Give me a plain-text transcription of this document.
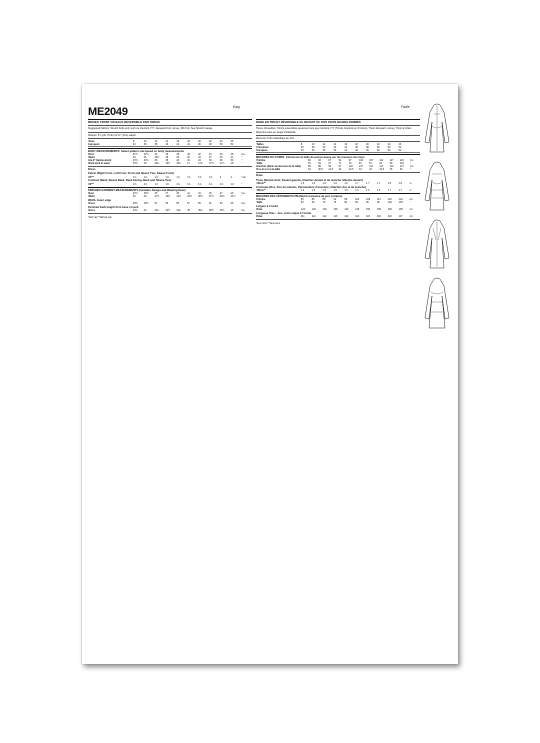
ME2049	Easy
MISSES' FRONT OR BACK REVERSIBLE KNIT DRESS
Suggested Fabrics: Stretch Knits only such as Interlock, ITY, Jacquard Knit, Jersey, Rib Knit. See Stretch Gauge.
Notions: 5⅞ yds. (5.3m) of ⅜" (1cm) elastic.
Sizes	8	10	12	14	16	18	20	22	24	26	
European	34	36	38	40	42	44	46	48	50	52	
BODY MEASUREMENTS: Select pattern size based on body measurements
Bust	31½	32½	34	36	38	40	42	44	46	48	Ins.
Waist	24	25	26½	28	30	32	34	37	39	41	"
Hip-9" (below waist)	33½	34½	36	38	40	42	44	46	48	50	"
Back neck to waist	15½	16	16¼	16½	16¾	17	17¼	17½	17¾	18	"
Dress
Fabric (Right Front, Left Front, Front and Sleeve Ties, Sleeve Front)
60"**	1⅝	1⅝	1⅝	1⅝	1⅝	1⅝	1⅝	1⅝	2	2	Yds.
Contrast (Back, Sleeve Back, Neck Facing, Back and Sleeve Ties)
60"**	1⅝	1⅝	1⅝	1⅝	1⅝	1⅝	1⅝	1⅝	1⅝	1⅝	"
FINISHED GARMENT MEASUREMENTS (Includes Design and Wearing Ease)
Bust	32½	33½	35	37	39	41	43	45	47	49	Ins.
Waist	25	26	27½	29½	31½	33½	35½	37½	39½	41½	"
Width, lower edge
Dress	48½	49½	51	53	55	57	59	61	63	65	Ins.
Finished back length from base of neck
Dress	43¾	44	44¼	44½	44¾	45	45¼	45½	45¾	46	Ins.
*with nap **without nap
Facile
ROBE EN TRICOT RÉVERSIBLE AU DEVANT OU DOS POUR JEUNES FEMMES
Tissus Conseillés: Tricots extensibles seulement tels que Interlock, ITY (Tricots Interlock en fil rétors), Tricot Jacquard, Jersey, Tricot à Côtes. Reportez-vous au Jauge d'élasticité.
Mercerie: 5.3m d'élastique de 1cm.
Tailles	8	10	12	14	16	18	20	22	24	26	
Françaises	36	38	40	42	44	46	48	50	52	54	
Européen	34	36	38	40	42	44	46	48	50	52	
MESURES DU CORPS: Choisissez la taille du patron basée sur les mesures du corps
Poitrine	80	83	87	92	97	102	107	112	117	122	cm
Taille	61	64	67	71	76	81	87	94	99	104	"
Hanches (23cm au-dessous de la taille)	85	88	92	97	102	107	112	117	122	127	cm
Dos du cou à la taille	40	40.5	41.5	42	42.5	43	44	44.5	45	46	"
Robe
Tissu (Devant droit, Devant gauche, Attaches devant et de manche, Manche devant)
150cm**	1.6	1.6	1.6	1.6	1.6	1.7	1.7	1.7	1.8	1.8	m
Contraste (Dos, Dos de manche, Parementure d'encolure, Attaches dos et de manche)
150cm**	1.4	1.5	1.5	1.5	1.5	1.6	1.6	1.6	1.7	1.7	m
MESURES DES VÊTEMENTS FINI (Motif et aisance de port compris)
Poitrine	83	85	89	94	99	104	109	114	119	124	cm
Taille	64	66	70	75	80	85	90	95	100	105	"
Largeur à l'ourlet
Robe	123	126	130	135	140	145	150	155	160	165	cm
Longueur finie – dos, votre nuque à l'ourlet
Robe	111	112	112	113	114	114	115	116	116	117	cm
*avec sens **sans sens
